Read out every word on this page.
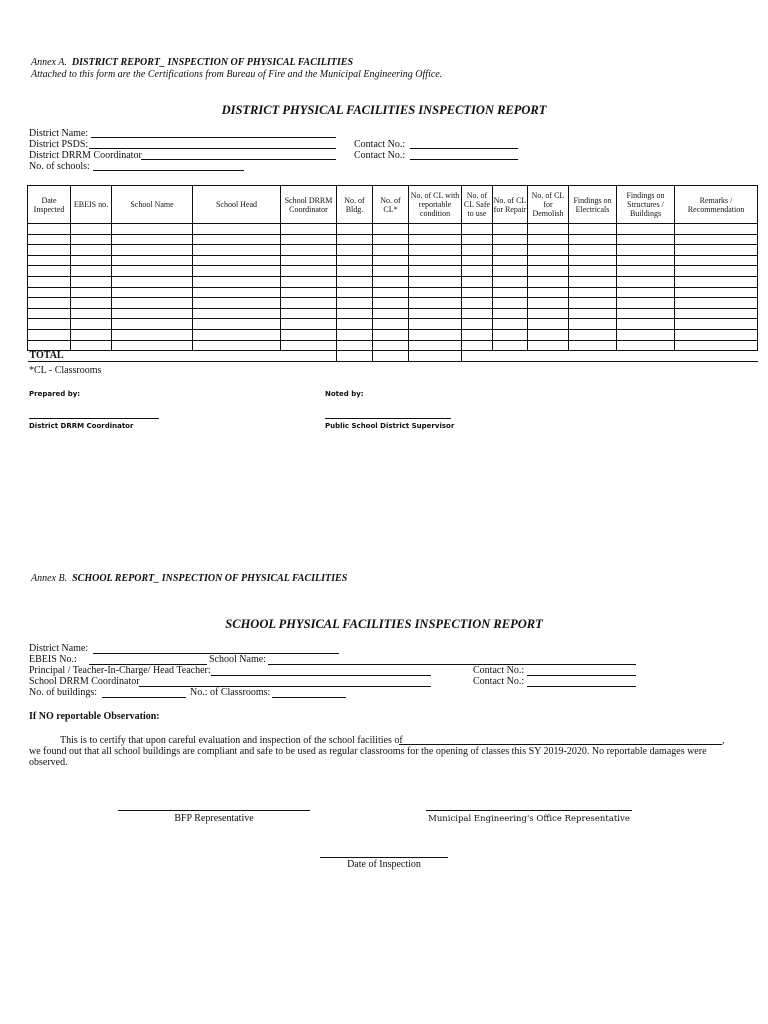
Annex A. DISTRICT REPORT_ INSPECTION OF PHYSICAL FACILITIES
Attached to this form are the Certifications from Bureau of Fire and the Municipal Engineering Office.
DISTRICT PHYSICAL FACILITIES INSPECTION REPORT
District Name:
District PSDS:	Contact No.:
District DRRM Coordinator	Contact No.:
No. of schools:
Date Inspected	EBEIS no.	School Name	School Head	School DRRM Coordinator	No. of Bldg.	No. of CL*	No. of CL with reportable condition	No. of CL Safe to use	No. of CL for Repair	No. of CL for Demolish	Findings on Electricals	Findings on Structures / Buildings	Remarks / Recommendation

TOTAL													
*CL - Classrooms
Prepared by:	Noted by:
District DRRM Coordinator	Public School District Supervisor
Annex B. SCHOOL REPORT_ INSPECTION OF PHYSICAL FACILITIES
SCHOOL PHYSICAL FACILITIES INSPECTION REPORT
District Name:
EBEIS No.:	School Name:
Principal / Teacher-In-Charge/ Head Teacher:	Contact No.:
School DRRM Coordinator	Contact No.:
No. of buildings:	No.: of Classrooms:
If NO reportable Observation:
This is to certify that upon careful evaluation and inspection of the school facilities of	,
we found out that all school buildings are compliant and safe to be used as regular classrooms for the opening of classes this SY 2019-2020. No reportable damages were
observed.
BFP Representative	Municipal Engineering's Office Representative
Date of Inspection
